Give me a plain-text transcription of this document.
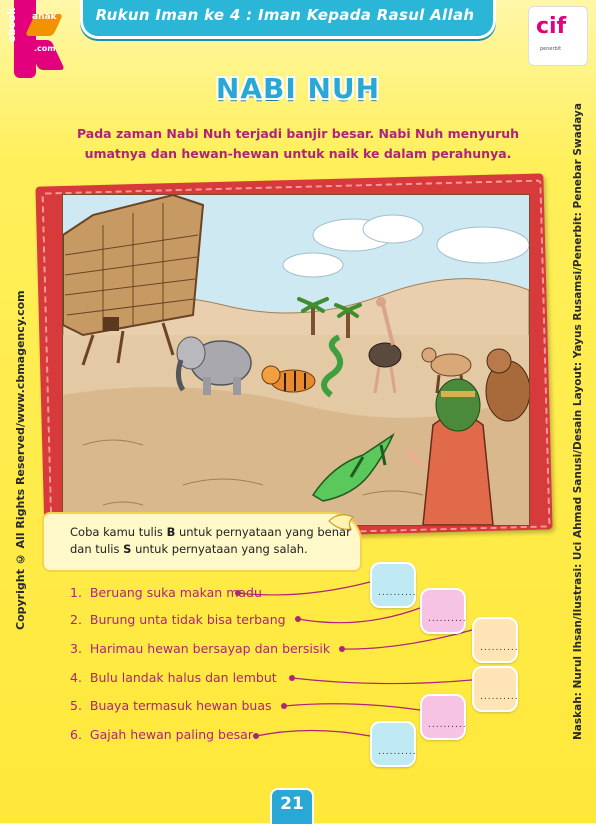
Rukun Iman ke 4 : Iman Kepada Rasul Allah
ebook anak
.com
cif
penerbit
NABI NUH
Pada zaman Nabi Nuh terjadi banjir besar. Nabi Nuh menyuruh
umatnya dan hewan-hewan untuk naik ke dalam perahunya.
Coba kamu tulis B untuk pernyataan yang benar
dan tulis S untuk pernyataan yang salah.
1. Beruang suka makan madu
2. Burung unta tidak bisa terbang
3. Harimau hewan bersayap dan bersisik
4. Bulu landak halus dan lembut
5. Buaya termasuk hewan buas
6. Gajah hewan paling besar
..........
..........
..........
..........
..........
..........
Copyright © All Rights Reserved/www.cbmagency.com	Naskah: Nurul Ihsan/Ilustrasi: Uci Ahmad Sanusi/Desain Layout: Yayus Rusamsi/Penerbit: Penebar Swadaya
21
